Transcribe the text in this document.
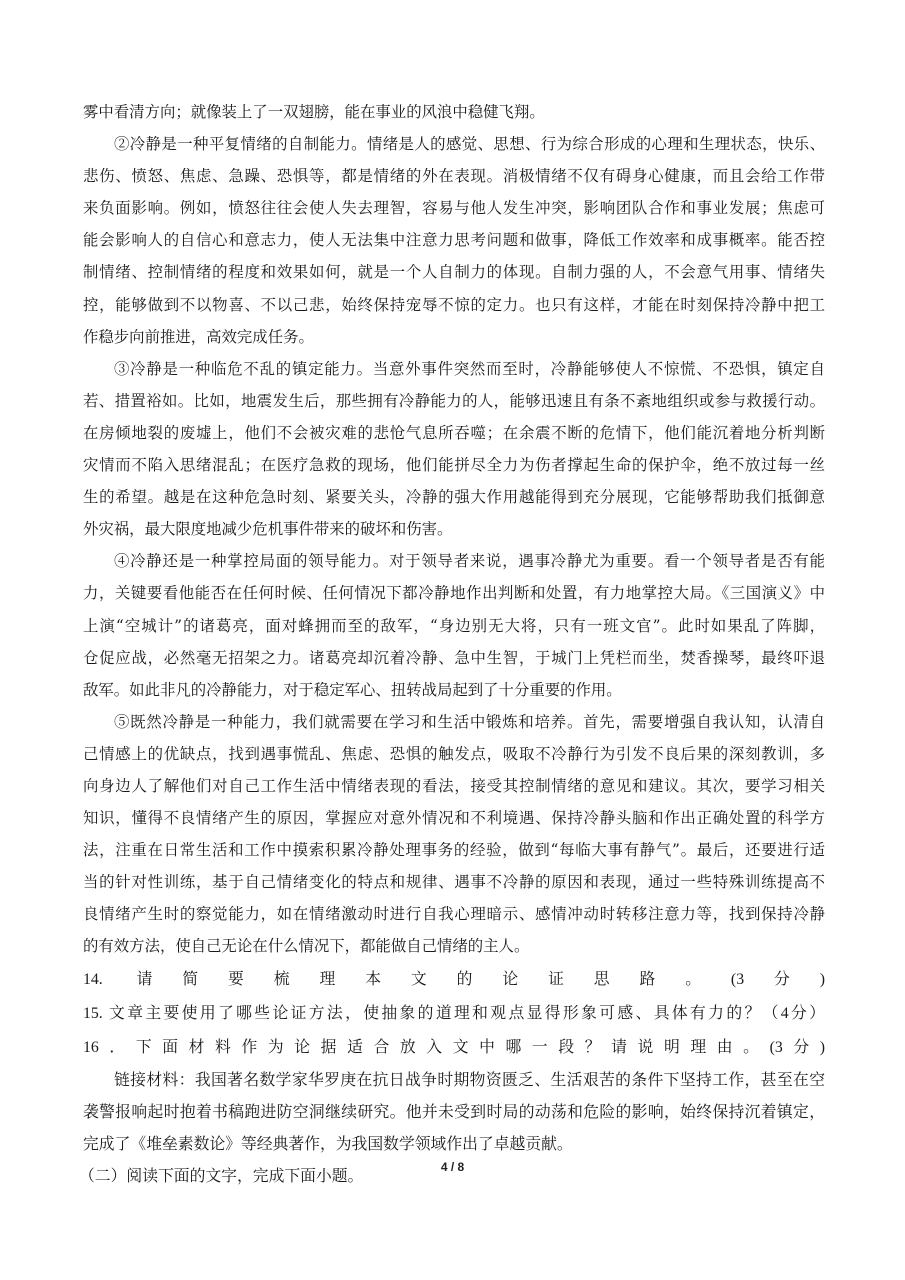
雾中看清方向；就像装上了一双翅膀，能在事业的风浪中稳健飞翔。
②冷静是一种平复情绪的自制能力。情绪是人的感觉、思想、行为综合形成的心理和生理状态，快乐、
悲伤、愤怒、焦虑、急躁、恐惧等，都是情绪的外在表现。消极情绪不仅有碍身心健康，而且会给工作带
来负面影响。例如，愤怒往往会使人失去理智，容易与他人发生冲突，影响团队合作和事业发展；焦虑可
能会影响人的自信心和意志力，使人无法集中注意力思考问题和做事，降低工作效率和成事概率。能否控
制情绪、控制情绪的程度和效果如何，就是一个人自制力的体现。自制力强的人，不会意气用事、情绪失
控，能够做到不以物喜、不以己悲，始终保持宠辱不惊的定力。也只有这样，才能在时刻保持冷静中把工
作稳步向前推进，高效完成任务。
③冷静是一种临危不乱的镇定能力。当意外事件突然而至时，冷静能够使人不惊慌、不恐惧，镇定自
若、措置裕如。比如，地震发生后，那些拥有冷静能力的人，能够迅速且有条不紊地组织或参与救援行动。
在房倾地裂的废墟上，他们不会被灾难的悲怆气息所吞噬；在余震不断的危情下，他们能沉着地分析判断
灾情而不陷入思绪混乱；在医疗急救的现场，他们能拼尽全力为伤者撑起生命的保护伞，绝不放过每一丝
生的希望。越是在这种危急时刻、紧要关头，冷静的强大作用越能得到充分展现，它能够帮助我们抵御意
外灾祸，最大限度地减少危机事件带来的破坏和伤害。
④冷静还是一种掌控局面的领导能力。对于领导者来说，遇事冷静尤为重要。看一个领导者是否有能
力，关键要看他能否在任何时候、任何情况下都冷静地作出判断和处置，有力地掌控大局。《三国演义》中
上演“空城计”的诸葛亮，面对蜂拥而至的敌军，“身边别无大将，只有一班文官”。此时如果乱了阵脚，
仓促应战，必然毫无招架之力。诸葛亮却沉着冷静、急中生智，于城门上凭栏而坐，焚香操琴，最终吓退
敌军。如此非凡的冷静能力，对于稳定军心、扭转战局起到了十分重要的作用。
⑤既然冷静是一种能力，我们就需要在学习和生活中锻炼和培养。首先，需要增强自我认知，认清自
己情感上的优缺点，找到遇事慌乱、焦虑、恐惧的触发点，吸取不冷静行为引发不良后果的深刻教训，多
向身边人了解他们对自己工作生活中情绪表现的看法，接受其控制情绪的意见和建议。其次，要学习相关
知识，懂得不良情绪产生的原因，掌握应对意外情况和不利境遇、保持冷静头脑和作出正确处置的科学方
法，注重在日常生活和工作中摸索积累冷静处理事务的经验，做到“每临大事有静气”。最后，还要进行适
当的针对性训练，基于自己情绪变化的特点和规律、遇事不冷静的原因和表现，通过一些特殊训练提高不
良情绪产生时的察觉能力，如在情绪激动时进行自我心理暗示、感情冲动时转移注意力等，找到保持冷静
的有效方法，使自己无论在什么情况下，都能做自己情绪的主人。
14. 请简要梳理本文的论证思路。(3分)
15. 文章主要使用了哪些论证方法，使抽象的道理和观点显得形象可感、具体有力的？（4分）
16．下面材料作为论据适合放入文中哪一段？请说明理由。(3分)
链接材料：我国著名数学家华罗庚在抗日战争时期物资匮乏、生活艰苦的条件下坚持工作，甚至在空
袭警报响起时抱着书稿跑进防空洞继续研究。他并未受到时局的动荡和危险的影响，始终保持沉着镇定，
完成了《堆垒素数论》等经典著作，为我国数学领域作出了卓越贡献。
（二）阅读下面的文字，完成下面小题。
4 / 8
